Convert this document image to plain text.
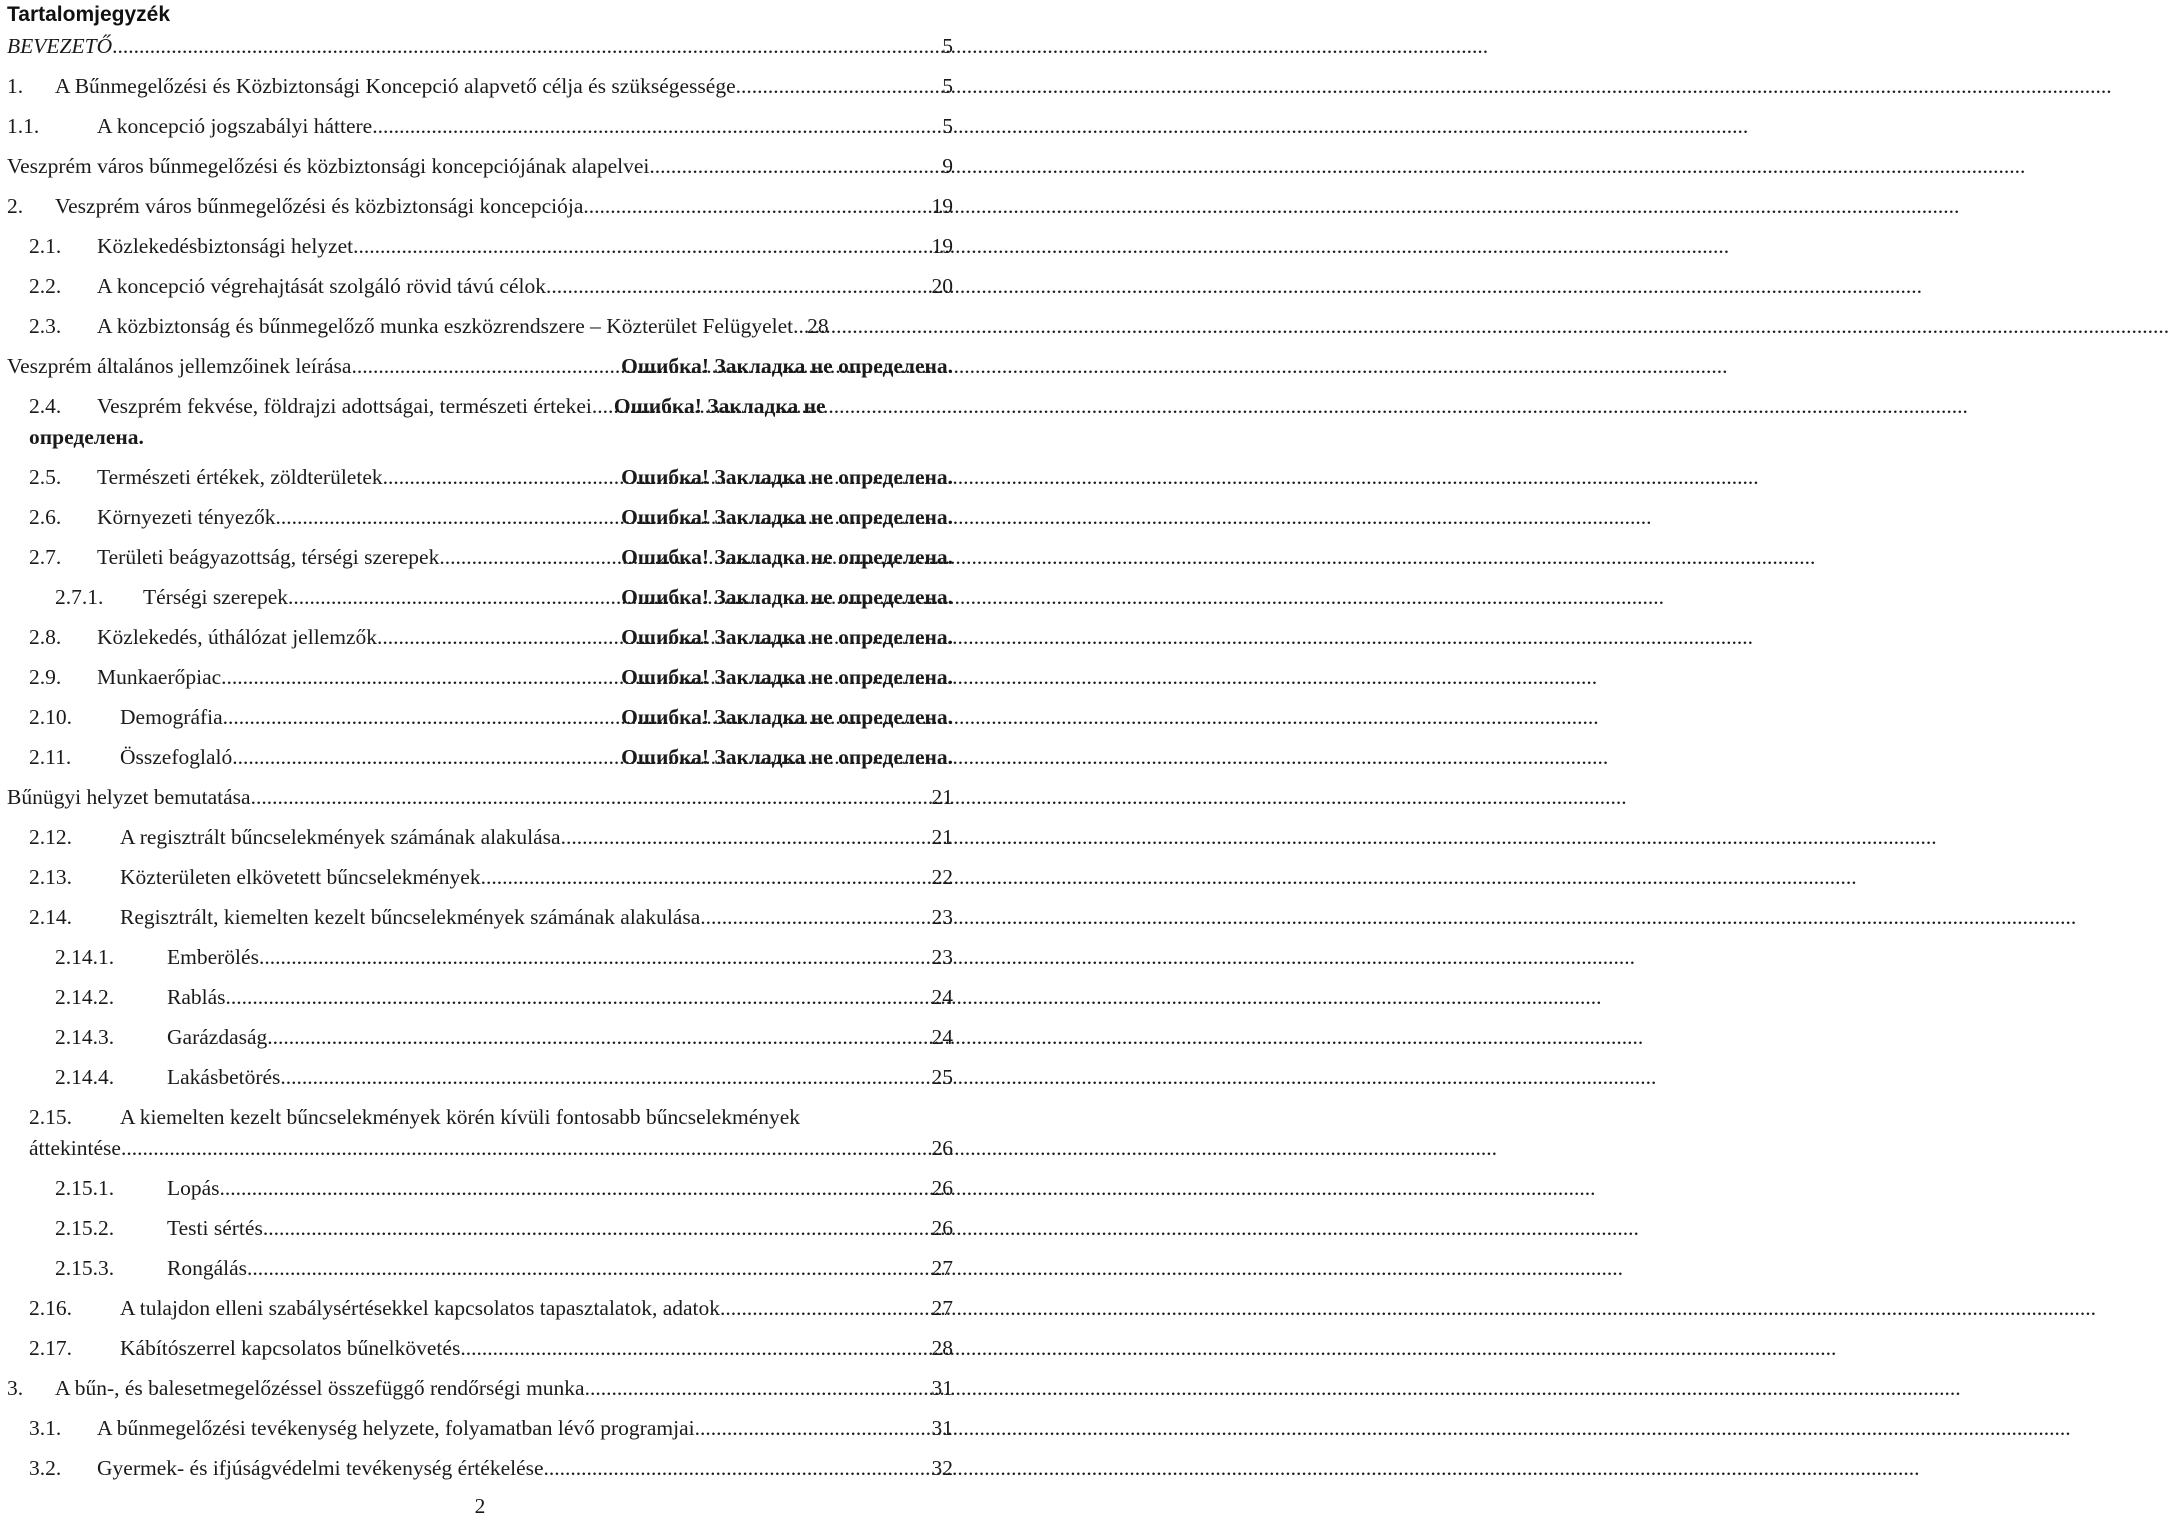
Tartalomjegyzék
BEVEZETŐ .....	5
1.	A Bűnmegelőzési és Közbiztonsági Koncepció alapvető célja és szükségessége .....	5
1.1.	A koncepció jogszabályi háttere .....	5
Veszprém város bűnmegelőzési és közbiztonsági koncepciójának alapelvei .....	9
2.	Veszprém város bűnmegelőzési és közbiztonsági koncepciója .....	19
2.1.	Közlekedésbiztonsági helyzet .....	19
2.2.	A koncepció végrehajtását szolgáló rövid távú célok .....	20
2.3.	A közbiztonság és bűnmegelőző munka eszközrendszere – Közterület Felügyelet ..... 28
Veszprém általános jellemzőinek leírása .....	Ошибка! Закладка не определена.
2.4.	Veszprém fekvése, földrajzi adottságai, természeti értekei ..... Ошибка! Закладка не
определена.
2.5.	Természeti értékek, zöldterületek .....	Ошибка! Закладка не определена.
2.6.	Környezeti tényezők .....	Ошибка! Закладка не определена.
2.7.	Területi beágyazottság, térségi szerepek .....	Ошибка! Закладка не определена.
2.7.1.	Térségi szerepek .....	Ошибка! Закладка не определена.
2.8.	Közlekedés, úthálózat jellemzők .....	Ошибка! Закладка не определена.
2.9.	Munkaerőpiac .....	Ошибка! Закладка не определена.
2.10.	Demográfia .....	Ошибка! Закладка не определена.
2.11.	Összefoglaló .....	Ошибка! Закладка не определена.
Bűnügyi helyzet bemutatása .....	21
2.12.	A regisztrált bűncselekmények számának alakulása .....	21
2.13.	Közterületen elkövetett bűncselekmények .....	22
2.14.	Regisztrált, kiemelten kezelt bűncselekmények számának alakulása .....	23
2.14.1.	Emberölés .....	23
2.14.2.	Rablás .....	24
2.14.3.	Garázdaság .....	24
2.14.4.	Lakásbetörés .....	25
2.15.	A kiemelten kezelt bűncselekmények körén kívüli fontosabb bűncselekmények
áttekintése .....	26
2.15.1.	Lopás .....	26
2.15.2.	Testi sértés .....	26
2.15.3.	Rongálás .....	27
2.16.	A tulajdon elleni szabálysértésekkel kapcsolatos tapasztalatok, adatok .....	27
2.17.	Kábítószerrel kapcsolatos bűnelkövetés .....	28
3.	A bűn-, és balesetmegelőzéssel összefüggő rendőrségi munka .....	31
3.1.	A bűnmegelőzési tevékenység helyzete, folyamatban lévő programjai .....	31
3.2.	Gyermek- és ifjúságvédelmi tevékenység értékelése .....	32
2
